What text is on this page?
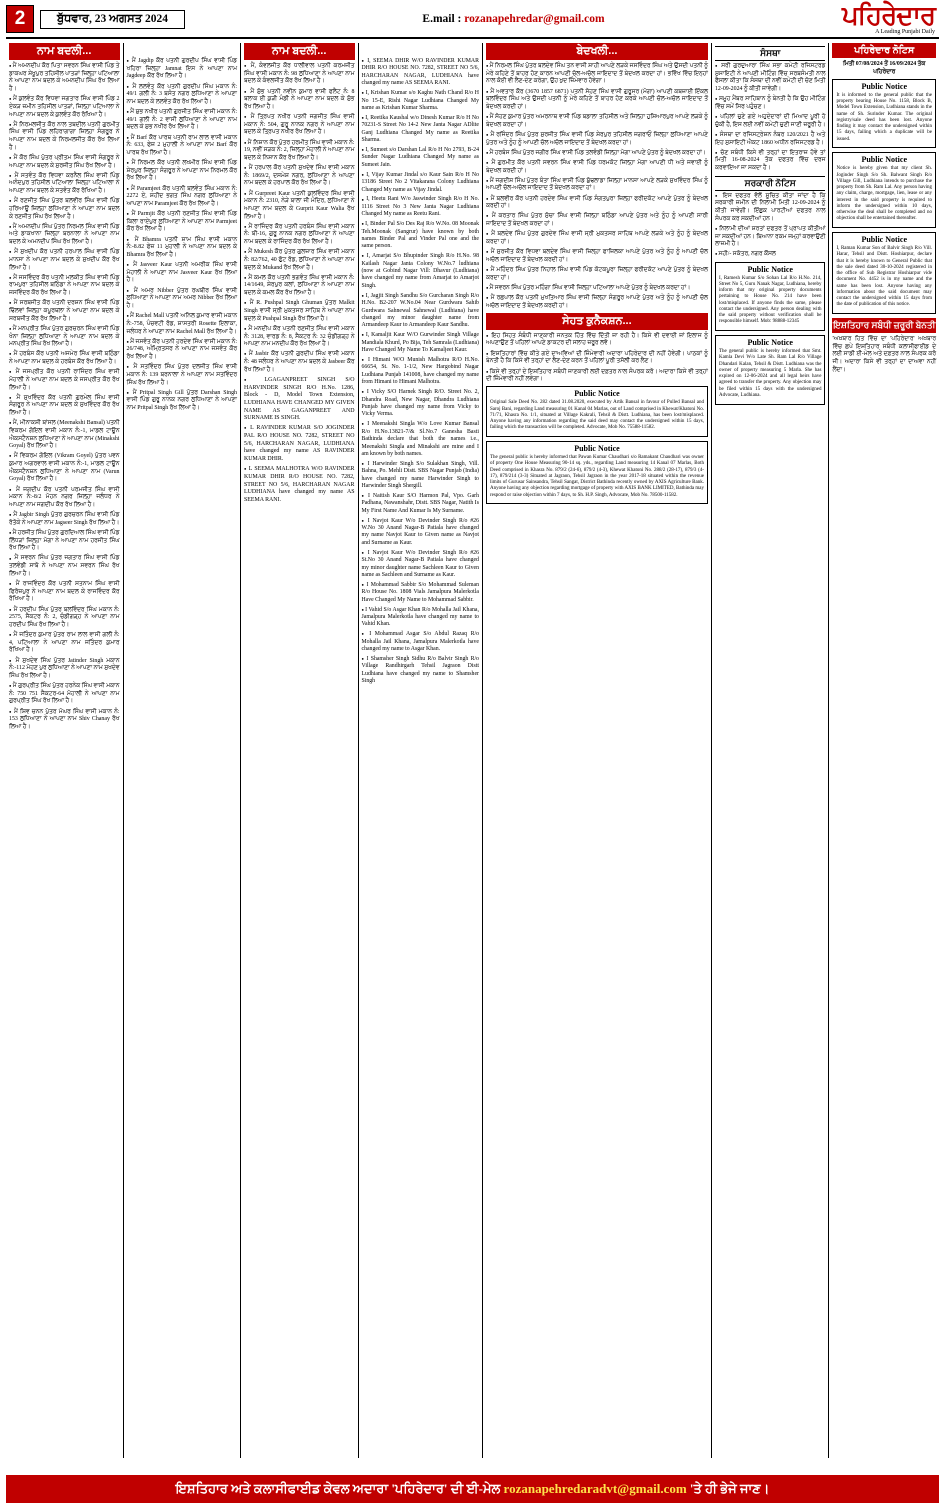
2	ਬੁੱਧਵਾਰ, 23 ਅਗਸਤ 2024	E.mail : rozanapehredar@gmail.com	ਪਹਿਰੇਦਾਰ
A Leading Punjabi Daily
ਨਾਮ ਬਦਲੀ...

● ਮੈਂ ਅਮਨਦੀਪ ਕੌਰ ਪਿਤਾ ਸਵਰਨ ਸਿੰਘ ਵਾਸੀ ਪਿੰਡ ਤੇ ਡਾਕਘਰ ਸ਼ੇਖੂਪੁਰ ਤਹਿਸੀਲ ਪਾਤੜਾਂ ਜ਼ਿਲ੍ਹਾ ਪਟਿਆਲਾ ਨੇ ਆਪਣਾ ਨਾਮ ਬਦਲ ਕੇ ਅਮਨਦੀਪ ਸਿੰਘ ਰੱਖ ਲਿਆ ਹੈ।

● ਮੈਂ ਕੁਲਵੰਤ ਕੌਰ ਵਿਧਵਾ ਜਗਤਾਰ ਸਿੰਘ ਵਾਸੀ ਪਿੰਡ 2 ਏਕੜ ਜ਼ਮੀਨ ਤਹਿਸੀਲ ਪਾਤੜਾਂ, ਜ਼ਿਲ੍ਹਾ ਪਟਿਆਲਾ ਨੇ ਆਪਣਾ ਨਾਮ ਬਦਲ ਕੇ ਕੁਲਵੰਤ ਕੌਰ ਰੱਖਿਆ ਹੈ।

● ਮੈਂ ਨਿਰਮਲਜੀਤ ਕੌਰ ਨਾਲ ਤਬਦੀਲ ਪਤਨੀ ਗੁਰਮੀਤ ਸਿੰਘ ਵਾਸੀ ਪਿੰਡ ਲਹਿਰਾਗਾਗਾ ਜ਼ਿਲ੍ਹਾ ਸੰਗਰੂਰ ਨੇ ਆਪਣਾ ਨਾਮ ਬਦਲ ਕੇ ਨਿਰਮਲਜੀਤ ਕੌਰ ਰੱਖ ਲਿਆ ਹੈ।

● ਮੈਂ ਕੌਰ ਸਿੰਘ ਪੁੱਤਰ ਪ੍ਰੀਤਮ ਸਿੰਘ ਵਾਸੀ ਸੰਗਰੂਰ ਨੇ ਆਪਣਾ ਨਾਮ ਬਦਲ ਕੇ ਸੁਰਜੀਤ ਸਿੰਘ ਰੱਖ ਲਿਆ ਹੈ।

● ਮੈਂ ਸਤਵੰਤ ਕੌਰ ਵਿਧਵਾ ਕਰਨੈਲ ਸਿੰਘ ਵਾਸੀ ਪਿੰਡ ਅਨੰਦਪੁਰ ਤਹਿਸੀਲ ਪਟਿਆਲਾ ਜ਼ਿਲ੍ਹਾ ਪਟਿਆਲਾ ਨੇ ਆਪਣਾ ਨਾਮ ਬਦਲ ਕੇ ਸਤਵੰਤ ਕੌਰ ਰੱਖਿਆ ਹੈ।

● ਮੈਂ ਰਣਜੀਤ ਸਿੰਘ ਪੁੱਤਰ ਬਲਵੀਰ ਸਿੰਘ ਵਾਸੀ ਪਿੰਡ ਹਰਿਆਊ ਜ਼ਿਲ੍ਹਾ ਲੁਧਿਆਣਾ ਨੇ ਆਪਣਾ ਨਾਮ ਬਦਲ ਕੇ ਰਣਜੀਤ ਸਿੰਘ ਰੱਖ ਲਿਆ ਹੈ।

● ਮੈਂ ਅਮਨਦੀਪ ਸਿੰਘ ਪੁੱਤਰ ਨਿਰਮਲ ਸਿੰਘ ਵਾਸੀ ਪਿੰਡ ਅਤੇ ਡਾਕਖਾਨਾ ਜ਼ਿਲ੍ਹਾ ਬਰਨਾਲਾ ਨੇ ਆਪਣਾ ਨਾਮ ਬਦਲ ਕੇ ਅਮਨਦੀਪ ਸਿੰਘ ਰੱਖ ਲਿਆ ਹੈ।

● ਮੈਂ ਸੁਖਦੀਪ ਕੌਰ ਪਤਨੀ ਹਰਪਾਲ ਸਿੰਘ ਵਾਸੀ ਪਿੰਡ ਮਾਨਸਾ ਨੇ ਆਪਣਾ ਨਾਮ ਬਦਲ ਕੇ ਸੁਖਦੀਪ ਕੌਰ ਰੱਖ ਲਿਆ ਹੈ।

● ਮੈਂ ਜਸਵਿੰਦਰ ਕੌਰ ਪਤਨੀ ਮਲਕੀਤ ਸਿੰਘ ਵਾਸੀ ਪਿੰਡ ਰਾਮਪੁਰਾ ਤਹਿਸੀਲ ਬਠਿੰਡਾ ਨੇ ਆਪਣਾ ਨਾਮ ਬਦਲ ਕੇ ਜਸਵਿੰਦਰ ਕੌਰ ਰੱਖ ਲਿਆ ਹੈ।

● ਮੈਂ ਸਰਬਜੀਤ ਕੌਰ ਪਤਨੀ ਦਰਸ਼ਨ ਸਿੰਘ ਵਾਸੀ ਪਿੰਡ ਢਿੱਲਵਾਂ ਜ਼ਿਲ੍ਹਾ ਕਪੂਰਥਲਾ ਨੇ ਆਪਣਾ ਨਾਮ ਬਦਲ ਕੇ ਸਰਬਜੀਤ ਕੌਰ ਰੱਖ ਲਿਆ ਹੈ।

● ਮੈਂ ਮਨਪ੍ਰੀਤ ਸਿੰਘ ਪੁੱਤਰ ਗੁਰਚਰਨ ਸਿੰਘ ਵਾਸੀ ਪਿੰਡ ਖੰਨਾ ਜ਼ਿਲ੍ਹਾ ਲੁਧਿਆਣਾ ਨੇ ਆਪਣਾ ਨਾਮ ਬਦਲ ਕੇ ਮਨਪ੍ਰੀਤ ਸਿੰਘ ਰੱਖ ਲਿਆ ਹੈ।

● ਮੈਂ ਹਰਬੰਸ ਕੌਰ ਪਤਨੀ ਅਜਮੇਰ ਸਿੰਘ ਵਾਸੀ ਬਠਿੰਡਾ ਨੇ ਆਪਣਾ ਨਾਮ ਬਦਲ ਕੇ ਹਰਬੰਸ ਕੌਰ ਰੱਖ ਲਿਆ ਹੈ।

● ਮੈਂ ਜਸਪ੍ਰੀਤ ਕੌਰ ਪਤਨੀ ਰਾਜਿੰਦਰ ਸਿੰਘ ਵਾਸੀ ਮੋਹਾਲੀ ਨੇ ਆਪਣਾ ਨਾਮ ਬਦਲ ਕੇ ਜਸਪ੍ਰੀਤ ਕੌਰ ਰੱਖ ਲਿਆ ਹੈ।

● ਮੈਂ ਸੁਖਵਿੰਦਰ ਕੌਰ ਪਤਨੀ ਗੁਰਮੇਲ ਸਿੰਘ ਵਾਸੀ ਸੰਗਰੂਰ ਨੇ ਆਪਣਾ ਨਾਮ ਬਦਲ ਕੇ ਸੁਖਵਿੰਦਰ ਕੌਰ ਰੱਖ ਲਿਆ ਹੈ।

● ਮੈਂ, ਮੀਨਾਕਸ਼ੀ ਬਾਂਸਲ (Meenakshi Bansal) ਪਤਨੀ ਵਿਕਰਮ ਗੋਇਲ ਵਾਸੀ ਮਕਾਨ ਨੰ:-1, ਮਾਡਲ ਟਾਊਨ ਐਕਸਟੈਨਸ਼ਨ ਲੁਧਿਆਣਾ ਨੇ ਆਪਣਾ ਨਾਮ (Minakshi Goyal) ਰੱਖ ਲਿਆ ਹੈ।

● ਮੈਂ ਵਿਕਰਮ ਗੋਇਲ (Vikram Goyel) ਪੁੱਤਰ ਪਵਨ ਕੁਮਾਰ ਅਗਰਵਾਲ ਵਾਸੀ ਮਕਾਨ ਨੰ:-1, ਮਾਡਲ ਟਾਊਨ ਐਕਸਟੈਨਸ਼ਨ ਲੁਧਿਆਣਾ ਨੇ ਆਪਣਾ ਨਾਮ (Varun Goyal) ਰੱਖ ਲਿਆ ਹੈ।

● ਮੈਂ ਜਗਦੀਪ ਕੌਰ ਪਤਨੀ ਪਰਮਜੀਤ ਸਿੰਘ ਵਾਸੀ ਮਕਾਨ ਨੰ:-8/2 ਮੋਹਨ ਨਗਰ ਜ਼ਿਲ੍ਹਾ ਜਲੰਧਰ ਨੇ ਆਪਣਾ ਨਾਮ ਜਗਦੀਪ ਕੌਰ ਰੱਖ ਲਿਆ ਹੈ।

● ਮੈਂ Jagbir Singh ਪੁੱਤਰ ਗੁਰਚਰਨ ਸਿੰਘ ਵਾਸੀ ਪਿੰਡ ਰੱਤੋਕੇ ਨੇ ਆਪਣਾ ਨਾਮ Jagseer Singh ਰੱਖ ਲਿਆ ਹੈ।

● ਮੈਂ ਹਰਜੀਤ ਸਿੰਘ ਪੁੱਤਰ ਗੁਰਦਿਆਲ ਸਿੰਘ ਵਾਸੀ ਪਿੰਡ ਲਿੱਧੜਾਂ ਜ਼ਿਲ੍ਹਾ ਮੋਗਾ ਨੇ ਆਪਣਾ ਨਾਮ ਹਰਜੀਤ ਸਿੰਘ ਰੱਖ ਲਿਆ ਹੈ।

● ਮੈਂ ਸਵਰਨ ਸਿੰਘ ਪੁੱਤਰ ਜਗਤਾਰ ਸਿੰਘ ਵਾਸੀ ਪਿੰਡ ਤਲਵੰਡੀ ਸਾਬੋ ਨੇ ਆਪਣਾ ਨਾਮ ਸਵਰਨ ਸਿੰਘ ਰੱਖ ਲਿਆ ਹੈ।

● ਮੈਂ ਰਾਜਵਿੰਦਰ ਕੌਰ ਪਤਨੀ ਸਤਨਾਮ ਸਿੰਘ ਵਾਸੀ ਫਿਰੋਜ਼ਪੁਰ ਨੇ ਆਪਣਾ ਨਾਮ ਬਦਲ ਕੇ ਰਾਜਵਿੰਦਰ ਕੌਰ ਰੱਖਿਆ ਹੈ।

● ਮੈਂ ਹਰਦੀਪ ਸਿੰਘ ਪੁੱਤਰ ਬਲਵਿੰਦਰ ਸਿੰਘ ਮਕਾਨ ਨੰ: 2575, ਸੈਕਟਰ ਨੰ: 2, ਚੰਡੀਗੜ੍ਹ ਨੇ ਆਪਣਾ ਨਾਮ ਹਰਦੀਪ ਸਿੰਘ ਰੱਖ ਲਿਆ ਹੈ।

● ਮੈਂ ਜਤਿੰਦਰ ਕੁਮਾਰ ਪੁੱਤਰ ਰਾਮ ਲਾਲ ਵਾਸੀ ਗਲੀ ਨੰ: 4, ਪਟਿਆਲਾ ਨੇ ਆਪਣਾ ਨਾਮ ਜਤਿੰਦਰ ਕੁਮਾਰ ਰੱਖਿਆ ਹੈ।

● ਮੈਂ ਸੁਖਦੇਵ ਸਿੰਘ ਪੁੱਤਰ Jatinder Singh ਮਕਾਨ ਨੰ:-112 ਮੋਹਣ ਪੁਰ ਲੁਧਿਆਣਾ ਨੇ ਆਪਣਾ ਨਾਮ ਸੁਖਦੇਵ ਸਿੰਘ ਰੱਖ ਲਿਆ ਹੈ।

● ਮੈਂ ਗੁਰਪ੍ਰੀਤ ਸਿੰਘ ਪੁੱਤਰ ਹਰਨੇਕ ਸਿੰਘ ਵਾਸੀ ਮਕਾਨ ਨੰ: 750 751 ਸੈਕਟਰ-64 ਮੋਹਾਲੀ ਨੇ ਆਪਣਾ ਨਾਮ ਗੁਰਪ੍ਰੀਤ ਸਿੰਘ ਰੱਖ ਲਿਆ ਹੈ।

● ਮੈਂ ਸ਼ਿਵ ਚਨਨ ਪੁੱਤਰ ਮੱਘਰ ਸਿੰਘ ਵਾਸੀ ਮਕਾਨ ਨੰ: 153 ਲੁਧਿਆਣਾ ਨੇ ਆਪਣਾ ਨਾਮ Shiv Chanay ਰੱਖ ਲਿਆ ਹੈ।

● ਮੈਂ Jagdip ਕੌਰ ਪਤਨੀ ਗੁਰਦੀਪ ਸਿੰਘ ਵਾਸੀ ਪਿੰਡ ਖਹਿਰਾ ਜ਼ਿਲ੍ਹਾ Jamnat ਇਸ ਨੇ ਆਪਣਾ ਨਾਮ Jagdeep ਕੌਰ ਰੱਖ ਲਿਆ ਹੈ।

● ਮੈਂ ਲਲਵੰਤ ਕੌਰ ਪਤਨੀ ਗੁਰਦੀਪ ਸਿੰਘ ਮਕਾਨ ਨੰ: 49/1 ਗਲੀ ਨੰ: 3 ਬਸੰਤ ਨਗਰ ਲੁਧਿਆਣਾ ਨੇ ਆਪਣਾ ਨਾਮ ਬਦਲ ਕੇ ਲਲਵੰਤ ਕੌਰ ਰੱਖ ਲਿਆ ਹੈ।

● ਮੈਂ ਸ਼ੁਭ ਨਖੀਰ ਪਤਨੀ ਗੁਰਜੀਤ ਸਿੰਘ ਵਾਸੀ ਮਕਾਨ ਨੰ: 49/1 ਗਲੀ ਨੰ: 2 ਵਾਸੀ ਲੁਧਿਆਣਾ ਨੇ ਆਪਣਾ ਨਾਮ ਬਦਲ ਕੇ ਸ਼ੁਭ ਨਖੀਰ ਰੱਖ ਲਿਆ ਹੈ।

● ਮੈਂ Barf ਕੌਰ ਪਾਰਥ ਪਤਨੀ ਰਾਮ ਲਾਲ ਵਾਸੀ ਮਕਾਨ ਨੰ: 633, ਫੇਜ਼ 2 ਮੁਹਾਲੀ ਨੇ ਆਪਣਾ ਨਾਮ Barf ਕੌਰ ਪਾਰਥ ਰੱਖ ਲਿਆ ਹੈ।

● ਮੈਂ ਨਿਰਮਲ ਕੌਰ ਪਤਨੀ ਲਖਮੀਰ ਸਿੰਘ ਵਾਸੀ ਪਿੰਡ ਸ਼ੇਰਪੁਰ ਜ਼ਿਲ੍ਹਾ ਸੰਗਰੂਰ ਨੇ ਆਪਣਾ ਨਾਮ ਨਿਰਮਲ ਕੌਰ ਰੱਖ ਲਿਆ ਹੈ।

● ਮੈਂ Paramjeet ਕੌਰ ਪਤਨੀ ਬਲਵੰਤ ਸਿੰਘ ਮਕਾਨ ਨੰ: 2272 ਏ, ਸ਼ਹੀਦ ਭਗਤ ਸਿੰਘ ਨਗਰ ਲੁਧਿਆਣਾ ਨੇ ਆਪਣਾ ਨਾਮ Paramjeet ਕੌਰ ਰੱਖ ਲਿਆ ਹੈ।

● ਮੈਂ Parmjit ਕੌਰ ਪਤਨੀ ਰਣਜੀਤ ਸਿੰਘ ਵਾਸੀ ਪਿੰਡ ਕਿਲਾ ਰਾਏਪੁਰ ਲੁਧਿਆਣਾ ਨੇ ਆਪਣਾ ਨਾਮ Parmjeet ਕੌਰ ਰੱਖ ਲਿਆ ਹੈ।

● ਮੈਂ Bhamra ਪਤਨੀ ਸ਼ਾਮ ਸਿੰਘ ਵਾਸੀ ਮਕਾਨ ਨੰ:-8.82 ਫੇਜ਼ 11 ਮੁਹਾਲੀ ਨੇ ਆਪਣਾ ਨਾਮ ਬਦਲ ਕੇ Bhamra ਰੱਖ ਲਿਆ ਹੈ।

● ਮੈਂ Jasveer Kaur ਪਤਨੀ ਅਮਰੀਕ ਸਿੰਘ ਵਾਸੀ ਮੋਹਾਲੀ ਨੇ ਆਪਣਾ ਨਾਮ Jasveer Kaur ਰੱਖ ਲਿਆ ਹੈ।

● ਮੈਂ ਅਮਰ Nibber ਪੁੱਤਰ ਰਘਬੀਰ ਸਿੰਘ ਵਾਸੀ ਲੁਧਿਆਣਾ ਨੇ ਆਪਣਾ ਨਾਮ ਅਮਰ Nibber ਰੱਖ ਲਿਆ ਹੈ।

● ਮੈਂ Rachel Mall ਪਤਨੀ ਅਨਿਲ ਕੁਮਾਰ ਵਾਸੀ ਮਕਾਨ ਨੰ:-758, ਪੰਚਵਟੀ ਰੋਡ, ਸ਼ਾਸਤਰੀ Rosette ਇਲਾਕਾ, ਜਲੰਧਰ ਨੇ ਆਪਣਾ ਨਾਮ Rachel Mall ਰੱਖ ਲਿਆ ਹੈ।

● ਮੈਂ ਜਸਵੰਤ ਕੌਰ ਪਤਨੀ ਹਰਦੇਵ ਸਿੰਘ ਵਾਸੀ ਮਕਾਨ ਨੰ: 26/748, ਅੰਮ੍ਰਿਤਸਰ ਨੇ ਆਪਣਾ ਨਾਮ ਜਸਵੰਤ ਕੌਰ ਰੱਖ ਲਿਆ ਹੈ।

● ਮੈਂ ਸਤਵਿੰਦਰ ਸਿੰਘ ਪੁੱਤਰ ਦਲਜੀਤ ਸਿੰਘ ਵਾਸੀ ਮਕਾਨ ਨੰ: 139 ਬਰਨਾਲਾ ਨੇ ਆਪਣਾ ਨਾਮ ਸਤਵਿੰਦਰ ਸਿੰਘ ਰੱਖ ਲਿਆ ਹੈ।

● ਮੈਂ Pritpal Singh Gill ਪੁੱਤਰ Darshan Singh ਵਾਸੀ ਪਿੰਡ ਗੁਰੂ ਨਾਨਕ ਨਗਰ ਲੁਧਿਆਣਾ ਨੇ ਆਪਣਾ ਨਾਮ Pritpal Singh ਰੱਖ ਲਿਆ ਹੈ।

ਨਾਮ ਬਦਲੀ...

● ਮੈਂ, ਕੰਵਲਜੀਤ ਕੌਰ ਧਾਲੀਵਾਲ ਪਤਨੀ ਕਰਮਜੀਤ ਸਿੰਘ ਵਾਸੀ ਮਕਾਨ ਨੰ: 98 ਲੁਧਿਆਣਾ ਨੇ ਆਪਣਾ ਨਾਮ ਬਦਲ ਕੇ ਕੰਵਲਜੀਤ ਕੌਰ ਰੱਖ ਲਿਆ ਹੈ।

● ਮੈਂ ਸ਼ੁੱਭ ਪਤਨੀ ਨਵੀਨ ਕੁਮਾਰ ਵਾਸੀ ਫਲੈਟ ਨੰ: 8 ਬਲਾਕ ਈ ਕੁੜੀ ਮੰਡੀ ਨੇ ਆਪਣਾ ਨਾਮ ਬਦਲ ਕੇ ਸ਼ੁੱਭ ਰੱਖ ਲਿਆ ਹੈ।

● ਮੈਂ ਤ੍ਰਿਪਤ ਨਖੀਰ ਪਤਨੀ ਜਗਜੀਤ ਸਿੰਘ ਵਾਸੀ ਮਕਾਨ ਨੰ: 504, ਗੁਰੂ ਨਾਨਕ ਨਗਰ ਨੇ ਆਪਣਾ ਨਾਮ ਬਦਲ ਕੇ ਤ੍ਰਿਪਤ ਨਖੀਰ ਰੱਖ ਲਿਆ ਹੈ।

● ਮੈਂ ਨਿਸ਼ਾਨ ਕੌਰ ਪੁੱਤਰ ਹਰਮੀਤ ਸਿੰਘ ਵਾਸੀ ਮਕਾਨ ਨੰ: 19, ਨਵੀਂ ਸੜਕ ਨੰ: 2, ਜ਼ਿਲ੍ਹਾ ਮੋਹਾਲੀ ਨੇ ਆਪਣਾ ਨਾਮ ਬਦਲ ਕੇ ਨਿਸ਼ਾਨ ਕੌਰ ਰੱਖ ਲਿਆ ਹੈ।

● ਮੈਂ ਹਰਪਾਲ ਕੌਰ ਪਤਨੀ ਸੁਖਦੇਵ ਸਿੰਘ ਵਾਸੀ ਮਕਾਨ ਨੰ: 1869/2, ਦਸਮੇਸ਼ ਨਗਰ, ਲੁਧਿਆਣਾ ਨੇ ਆਪਣਾ ਨਾਮ ਬਦਲ ਕੇ ਹਰਪਾਲ ਕੌਰ ਰੱਖ ਲਿਆ ਹੈ।

● ਮੈਂ Gurpreet Kaur ਪਤਨੀ ਕੁਲਵਿੰਦਰ ਸਿੰਘ ਵਾਸੀ ਮਕਾਨ ਨੰ: 2310, ਨੇੜੇ ਬਾਲਾ ਜੀ ਮੰਦਿਰ, ਲੁਧਿਆਣਾ ਨੇ ਆਪਣਾ ਨਾਮ ਬਦਲ ਕੇ Gurprit Kaur Walia ਰੱਖ ਲਿਆ ਹੈ।

● ਮੈਂ ਰਾਜਿੰਦਰ ਕੌਰ ਪਤਨੀ ਹਰਬੰਸ ਸਿੰਘ ਵਾਸੀ ਮਕਾਨ ਨੰ: ਬੀ-16, ਗੁਰੂ ਨਾਨਕ ਨਗਰ ਲੁਧਿਆਣਾ ਨੇ ਆਪਣਾ ਨਾਮ ਬਦਲ ਕੇ ਰਾਜਿੰਦਰ ਕੌਰ ਰੱਖ ਲਿਆ ਹੈ।

● ਮੈਂ Mukesh ਕੌਰ ਪੁੱਤਰ ਗੁਲਜ਼ਾਰ ਸਿੰਘ ਵਾਸੀ ਮਕਾਨ ਨੰ: 82/762, 40 ਫੁੱਟ ਰੋਡ, ਲੁਧਿਆਣਾ ਨੇ ਆਪਣਾ ਨਾਮ ਬਦਲ ਕੇ Mukand ਰੱਖ ਲਿਆ ਹੈ।

● ਮੈਂ ਕਮਲ ਕੌਰ ਪਤਨੀ ਭਗਵੰਤ ਸਿੰਘ ਵਾਸੀ ਮਕਾਨ ਨੰ: 14/1649, ਸ਼ੇਰਪੁਰ ਕਲਾਂ, ਲੁਧਿਆਣਾ ਨੇ ਆਪਣਾ ਨਾਮ ਬਦਲ ਕੇ ਕਮਲ ਕੌਰ ਰੱਖ ਲਿਆ ਹੈ।

● ਮੈਂ R. Pushpal Singh Ghuman ਪੁੱਤਰ Malkit Singh ਵਾਸੀ ਸ੍ਰੀ ਮੁਕਤਸਰ ਸਾਹਿਬ ਨੇ ਆਪਣਾ ਨਾਮ ਬਦਲ ਕੇ Pushpal Singh ਰੱਖ ਲਿਆ ਹੈ।

● ਮੈਂ ਮਨਦੀਪ ਕੌਰ ਪਤਨੀ ਰਣਜੀਤ ਸਿੰਘ ਵਾਸੀ ਮਕਾਨ ਨੰ: 3128, ਵਾਰਡ ਨੰ: 8, ਸੈਕਟਰ ਨੰ: 32 ਚੰਡੀਗੜ੍ਹ ਨੇ ਆਪਣਾ ਨਾਮ ਮਨਦੀਪ ਕੌਰ ਰੱਖ ਲਿਆ ਹੈ।

● ਮੈਂ Jasbir ਕੌਰ ਪਤਨੀ ਗੁਰਦੀਪ ਸਿੰਘ ਵਾਸੀ ਮਕਾਨ ਨੰ: 48 ਜਲੰਧਰ ਨੇ ਆਪਣਾ ਨਾਮ ਬਦਲ ਕੇ Jasbeer ਕੌਰ ਰੱਖ ਲਿਆ ਹੈ।

● LGAGANPREET SINGH S/O HARVINDER SINGH R/O H.No. 1286, Block - D, Model Town Extension, LUDHIANA HAVE CHANGED MY GIVEN NAME AS GAGANPREET AND SURNAME IS SINGH.

● L RAVINDER KUMAR S/O JOGINDER PAL R/O HOUSE NO. 7282, STREET NO 5/6, HARCHARAN NAGAR, LUDHIANA have changed my name AS RAVINDER KUMAR DHIR.

● L SEEMA MALHOTRA W/O RAVINDER KUMAR DHIR R/O HOUSE NO. 7282, STREET NO 5/6, HARCHARAN NAGAR LUDHIANA have changed my name AS SEEMA RANI.

● I, SEEMA DHIR W/O RAVINDER KUMAR DHIR R/O HOUSE NO. 7282, STREET NO 5/6, HARCHARAN NAGAR, LUDHIANA have changed my name AS SEEMA RANI.

● I, Krishan Kumar s/o Kaghu Nath Chand R/o H No 15-E, Rishi Nagar Ludhiana Changed My name as Krishan Kumar Sharma.

● I, Reetika Kaushal w/o Dinesh Kumar R/o H No 70231-S Street No 14-2 New Janta Nagar ADlite Ganj Ludhiana Changed My name as Reetika Sharma.

● I, Sumeet s/o Darshan Lal R/o H No 2793, B-24 Sunder Nagar Ludhiana Changed My name as Sumeet Jain.

● I, Vijay Kumar Jindal s/o Kaur Sain R/o H No 13186 Street No 2 Vitakarana Colony Ludhiana Changed My name as Vijay Jindal.

● I, Heetu Rani W/o Jaswinder Singh R/o H No. 1116 Street No 3 New Janta Nagar Ludhiana Changed My name as Reetu Rani.

● I, Binder Pal S/o Des Raj R/o W.No. 08 Moonak Teh.Moonak (Sangrur) have known by both names Binder Pal and Vinder Pal one and the same person.

● I, Amarjat S/o Bhupinder Singh R/o H.No. 98 Kailash Nagar Janta Colony W.No.7 ludhiana (now at Gobind Nagar Vill: Dhavur (Ludhiana) have changed my name from Amarjat to Amarjot Singh.

● I, Jagjit Singh Sandhu S/o Gurcharan Singh R/o H.No. B2-207 W.No.04 Near Gurdwara Sahib Gurdwara Sahnewal Sahnewal (Ludhiana) have changed my minor daughter name from Armandeep Kaur to Armandeep Kaur Sandhu.

● I, Kamaljit Kaur W/O Gurwinder Singh Village Mandiala Khurd, Po Bija, Teh Samrala (Ludhiana) Have Changed My Name To Kamaljeet Kaur.

● I Himani W/O Munish Malhotra R/O H.No. 66654, St. No. 1-1/2, New Hargobind Nagar Ludhiana Punjab 141008, have changed my name from Himani to Himani Malhotra.

● I Vicky S/O Harnek Singh R/O. Street No. 2, Dhandra Road, New Nagar, Dhandra Ludhiana Punjab have changed my name from Vicky to Vicky Verma.

● I Meenakshi Singla W/o Love Kumar Bansal R/o H.No.13821-7/& Sl.No.7 Ganesha Basti Bathinda declare that both the names i.e., Meenakshi Singla and Minakshi are mine and I am known by both names.

● I Harwinder Singh S/o Sulakhan Singh, Vill. Bahna, Po. Mehli Distt. SBS Nagar Punjab (India) have changed my name Harwinder Singh to Harwinder Singh Shergill.

● I Naitish Kaur S/O Harmon Pal, Vpo. Garh Padhana, Nawanshahr, Distt. SBS Nagar, Natith Is My First Name And Kumar Is My Surname.

● I Navjot Kaur W/o Devinder Singh R/o #26 W.No 30 Anand Nagar-B Patiala have changed my name Navjot Kaur to Given name as Navjot and Surname as Kaur.

● I Navjot Kaur W/o Devinder Singh R/o #26 St.No 30 Anand Nagar-B Patiala have changed my minor daughter name Sachleen Kaur to Given name as Sachleen and Surname as Kaur.

● I Mohammad Sabbir S/o Mohammad Suleman R/o House No. 1808 Vials Jamalpura Malerkotla Have Changed My Name to Mohammad Sabbir.

● I Vahid S/o Asgar Khan R/o Mohalla Jail Khana, Jamalpura Malerkotla have changed my name to Vahid Khan.

● I Mohammad Asgar S/o Abdul Razaq R/o Mohalla Jail Khana, Jamalpura Malerkotla have changed my name to Asgar Khan.

● I Shamsher Singh Sidhu R/o Balvir Singh R/o Village Randhirgarh Tehsil Jagraon Distt Ludhiana have changed my name to Shamsher Singh

ਬੇਦਖਲੀ...

● ਮੈਂ ਨਿਰਮਲ ਸਿੰਘ ਪੁੱਤਰ ਬਲਦੇਵ ਸਿੰਘ ਤਨ ਵਾਸੀ ਸ਼ਾਹੀ ਆਪਣੇ ਲੜਕੇ ਜਸਵਿੰਦਰ ਸਿੰਘ ਅਤੇ ਉਸਦੀ ਪਤਨੀ ਨੂੰ ਮੇਰੇ ਕਹਿਣੇ ਤੋਂ ਬਾਹਰ ਹੋਣ ਕਾਰਨ ਆਪਣੀ ਚੱਲ-ਅਚੱਲ ਜਾਇਦਾਦ ਤੋਂ ਬੇਦਖਲ ਕਰਦਾ ਹਾਂ। ਭਵਿੱਖ ਵਿੱਚ ਇਨ੍ਹਾਂ ਨਾਲ ਕੋਈ ਵੀ ਲੈਣ-ਦੇਣ ਕਰੇਗਾ, ਉਹ ਖੁਦ ਜ਼ਿੰਮੇਵਾਰ ਹੋਵੇਗਾ।

● ਮੈਂ ਅਵਤਾਰ ਕੌਰ (3670 1857 6871) ਪਤਨੀ ਸੋਹਣ ਸਿੰਘ ਵਾਸੀ ਗੁਰੂਸਰ (ਮੋਗਾ) ਆਪਣੀ ਕਬਜ਼ਾਈ ਇੱਕਲ ਬਲਵਿੰਦਰ ਸਿੰਘ ਅਤੇ ਉਸਦੀ ਪਤਨੀ ਨੂੰ ਮੇਰੇ ਕਹਿਣੇ ਤੋਂ ਬਾਹਰ ਹੋਣ ਕਰਕੇ ਆਪਣੀ ਚੱਲ-ਅਚੱਲ ਜਾਇਦਾਦ ਤੋਂ ਬੇਦਖਲ ਕਰਦੀ ਹਾਂ।

● ਮੈਂ ਸੋਹਣ ਕੁਮਾਰ ਪੁੱਤਰ ਅਮਰਨਾਥ ਵਾਸੀ ਪਿੰਡ ਬਡਾਲਾ ਤਹਿਸੀਲ ਅਤੇ ਜ਼ਿਲ੍ਹਾ ਹੁਸ਼ਿਆਰਪੁਰ ਆਪਣੇ ਲੜਕੇ ਨੂੰ ਬੇਦਖਲ ਕਰਦਾ ਹਾਂ।

● ਮੈਂ ਰਜਿੰਦਰ ਸਿੰਘ ਪੁੱਤਰ ਸੁਰਜੀਤ ਸਿੰਘ ਵਾਸੀ ਪਿੰਡ ਸ਼ੇਰਪੁਰ ਤਹਿਸੀਲ ਜਗਰਾਓਂ ਜ਼ਿਲ੍ਹਾ ਲੁਧਿਆਣਾ ਆਪਣੇ ਪੁੱਤਰ ਅਤੇ ਨੂੰਹ ਨੂੰ ਆਪਣੀ ਚੱਲ ਅਚੱਲ ਜਾਇਦਾਦ ਤੋਂ ਬੇਦਖਲ ਕਰਦਾ ਹਾਂ।

● ਮੈਂ ਹਰਬੰਸ ਸਿੰਘ ਪੁੱਤਰ ਜਗੀਰ ਸਿੰਘ ਵਾਸੀ ਪਿੰਡ ਤਲਵੰਡੀ ਜ਼ਿਲ੍ਹਾ ਮੋਗਾ ਆਪਣੇ ਪੁੱਤਰ ਨੂੰ ਬੇਦਖਲ ਕਰਦਾ ਹਾਂ।

● ਮੈਂ ਗੁਰਮੀਤ ਕੌਰ ਪਤਨੀ ਸਵਰਨ ਸਿੰਘ ਵਾਸੀ ਪਿੰਡ ਧਰਮਕੋਟ ਜ਼ਿਲ੍ਹਾ ਮੋਗਾ ਆਪਣੀ ਧੀ ਅਤੇ ਜਵਾਈ ਨੂੰ ਬੇਦਖਲ ਕਰਦੀ ਹਾਂ।

● ਮੈਂ ਜਗਦੀਸ਼ ਸਿੰਘ ਪੁੱਤਰ ਬੰਤਾ ਸਿੰਘ ਵਾਸੀ ਪਿੰਡ ਬੁੱਢਲਾਡਾ ਜ਼ਿਲ੍ਹਾ ਮਾਨਸਾ ਆਪਣੇ ਲੜਕੇ ਸੁਖਵਿੰਦਰ ਸਿੰਘ ਨੂੰ ਆਪਣੀ ਚੱਲ-ਅਚੱਲ ਜਾਇਦਾਦ ਤੋਂ ਬੇਦਖਲ ਕਰਦਾ ਹਾਂ।

● ਮੈਂ ਬਲਵੀਰ ਕੌਰ ਪਤਨੀ ਹਰਦੇਵ ਸਿੰਘ ਵਾਸੀ ਪਿੰਡ ਸੰਗਤਪੁਰਾ ਜ਼ਿਲ੍ਹਾ ਫਰੀਦਕੋਟ ਆਪਣੇ ਪੁੱਤਰ ਨੂੰ ਬੇਦਖਲ ਕਰਦੀ ਹਾਂ।

● ਮੈਂ ਕਰਤਾਰ ਸਿੰਘ ਪੁੱਤਰ ਸੁੱਚਾ ਸਿੰਘ ਵਾਸੀ ਜ਼ਿਲ੍ਹਾ ਬਠਿੰਡਾ ਆਪਣੇ ਪੁੱਤਰ ਅਤੇ ਨੂੰਹ ਨੂੰ ਆਪਣੀ ਸਾਰੀ ਜਾਇਦਾਦ ਤੋਂ ਬੇਦਖਲ ਕਰਦਾ ਹਾਂ।

● ਮੈਂ ਬਲਦੇਵ ਸਿੰਘ ਪੁੱਤਰ ਗੁਰਦੇਵ ਸਿੰਘ ਵਾਸੀ ਸ੍ਰੀ ਮੁਕਤਸਰ ਸਾਹਿਬ ਆਪਣੇ ਲੜਕੇ ਅਤੇ ਨੂੰਹ ਨੂੰ ਬੇਦਖਲ ਕਰਦਾ ਹਾਂ।

● ਮੈਂ ਸੁਰਜੀਤ ਕੌਰ ਵਿਧਵਾ ਬਲਦੇਵ ਸਿੰਘ ਵਾਸੀ ਜ਼ਿਲ੍ਹਾ ਫਾਜ਼ਿਲਕਾ ਆਪਣੇ ਪੁੱਤਰ ਅਤੇ ਨੂੰਹ ਨੂੰ ਆਪਣੀ ਚੱਲ ਅਚੱਲ ਜਾਇਦਾਦ ਤੋਂ ਬੇਦਖਲ ਕਰਦੀ ਹਾਂ।

● ਮੈਂ ਮਹਿੰਦਰ ਸਿੰਘ ਪੁੱਤਰ ਨਿਹਾਲ ਸਿੰਘ ਵਾਸੀ ਪਿੰਡ ਕੋਟਕਪੂਰਾ ਜ਼ਿਲ੍ਹਾ ਫਰੀਦਕੋਟ ਆਪਣੇ ਪੁੱਤਰ ਨੂੰ ਬੇਦਖਲ ਕਰਦਾ ਹਾਂ।

● ਮੈਂ ਸਵਰਨ ਸਿੰਘ ਪੁੱਤਰ ਮਹਿੰਗਾ ਸਿੰਘ ਵਾਸੀ ਜ਼ਿਲ੍ਹਾ ਪਟਿਆਲਾ ਆਪਣੇ ਪੁੱਤਰ ਨੂੰ ਬੇਦਖਲ ਕਰਦਾ ਹਾਂ।

● ਮੈਂ ਰਛਪਾਲ ਕੌਰ ਪਤਨੀ ਮੁਖਤਿਆਰ ਸਿੰਘ ਵਾਸੀ ਜ਼ਿਲ੍ਹਾ ਸੰਗਰੂਰ ਆਪਣੇ ਪੁੱਤਰ ਅਤੇ ਨੂੰਹ ਨੂੰ ਆਪਣੀ ਚੱਲ ਅਚੱਲ ਜਾਇਦਾਦ ਤੋਂ ਬੇਦਖਲ ਕਰਦੀ ਹਾਂ।

ਸੇਹਤ ਕੁਨੈਕਸ਼ਨ...

● ਇਹ ਸਿਹਤ ਸੰਬੰਧੀ ਜਾਣਕਾਰੀ ਜਨਤਕ ਹਿੱਤ ਵਿੱਚ ਦਿੱਤੀ ਜਾ ਰਹੀ ਹੈ। ਕਿਸੇ ਵੀ ਦਵਾਈ ਜਾਂ ਇਲਾਜ ਨੂੰ ਅਪਣਾਉਣ ਤੋਂ ਪਹਿਲਾਂ ਆਪਣੇ ਡਾਕਟਰ ਦੀ ਸਲਾਹ ਜ਼ਰੂਰ ਲਵੋ।

● ਇਸ਼ਤਿਹਾਰਾਂ ਵਿੱਚ ਕੀਤੇ ਗਏ ਦਾਅਵਿਆਂ ਦੀ ਜ਼ਿੰਮੇਵਾਰੀ ਅਦਾਰਾ ਪਹਿਰੇਦਾਰ ਦੀ ਨਹੀਂ ਹੋਵੇਗੀ। ਪਾਠਕਾਂ ਨੂੰ ਬੇਨਤੀ ਹੈ ਕਿ ਕਿਸੇ ਵੀ ਤਰ੍ਹਾਂ ਦਾ ਲੈਣ-ਦੇਣ ਕਰਨ ਤੋਂ ਪਹਿਲਾਂ ਪੂਰੀ ਤਸੱਲੀ ਕਰ ਲੈਣ।

● ਕਿਸੇ ਵੀ ਤਰ੍ਹਾਂ ਦੇ ਇਸ਼ਤਿਹਾਰ ਸਬੰਧੀ ਜਾਣਕਾਰੀ ਲਈ ਦਫ਼ਤਰ ਨਾਲ ਸੰਪਰਕ ਕਰੋ। ਅਦਾਰਾ ਕਿਸੇ ਵੀ ਤਰ੍ਹਾਂ ਦੀ ਜ਼ਿੰਮੇਵਾਰੀ ਨਹੀਂ ਲਵੇਗਾ।

Public Notice

Original Sale Deed No. 282 dated 31.08.2020, executed by Artik Bansal in favour of Pulled Bansal and Saroj Bani, regarding Land measuring 01 Kanal 04 Marlas, out of Land comprised in Khewat/Khatoni No. 71/71, Khasra No. 1/1, situated at Village Kakrali, Tehsil & Distt. Ludhiana, has been lost/misplaced. Anyone having any information regarding the said deed may contact the undersigned within 15 days, failing which the transaction will be completed. Advocate, Mob No. 75588-11582.

Public Notice

The general public is hereby informed that Pawan Kumar Chaudhari s/o Ramakant Chaudhari was owner of property One House Measuring 90-14 sq. yds., regarding Land measuring 14 Kanal 07 Marlas, Both Deed comprised in Khasra No. 879/2 (24-6), 879/2 (4-3), Khewat Khatoni No. 288/2 (28-17), 879/3 (4-17), 879/214 (3-3) Situated at Jagraon, Tehsil Jagraon in the year 2017-18 situated within the revenue limits of Gurusar Sainsandra, Tehsil Sangat, District Bathinda recently owned by AXIS Agriculture Bank. Anyone having any objection regarding mortgage of property with AXIS BANK LIMITED, Bathinda may respond or raise objection within 7 days, to Sh. H.P. Singh, Advocate, Mob No. 78500-11582.

ਸੰਸਥਾ

● ਸਰੀ ਗੁਰਦੁਆਰਾ ਸਿੰਘ ਸਭਾ ਕਮੇਟੀ ਰਜਿਸਟਰਡ ਸੁਸਾਇਟੀ ਨੇ ਆਪਣੀ ਮੀਟਿੰਗ ਵਿੱਚ ਸਰਬਸੰਮਤੀ ਨਾਲ ਫੈਸਲਾ ਕੀਤਾ ਕਿ ਸੰਸਥਾ ਦੀ ਨਵੀਂ ਕਮੇਟੀ ਦੀ ਚੋਣ ਮਿਤੀ 12-09-2024 ਨੂੰ ਕੀਤੀ ਜਾਵੇਗੀ।

● ਸਮੂਹ ਮੈਂਬਰ ਸਾਹਿਬਾਨ ਨੂੰ ਬੇਨਤੀ ਹੈ ਕਿ ਉਹ ਮੀਟਿੰਗ ਵਿੱਚ ਸਮੇਂ ਸਿਰ ਪਹੁੰਚਣ।

● ਪਹਿਲਾਂ ਚੁਣੇ ਗਏ ਅਹੁਦੇਦਾਰਾਂ ਦੀ ਮਿਆਦ ਪੂਰੀ ਹੋ ਚੁੱਕੀ ਹੈ, ਇਸ ਲਈ ਨਵੀਂ ਕਮੇਟੀ ਚੁਣੀ ਜਾਣੀ ਜ਼ਰੂਰੀ ਹੈ।

● ਸੰਸਥਾ ਦਾ ਰਜਿਸਟ੍ਰੇਸ਼ਨ ਨੰਬਰ 120/2021 ਹੈ ਅਤੇ ਇਹ ਸੁਸਾਇਟੀ ਐਕਟ 1860 ਅਧੀਨ ਰਜਿਸਟਰਡ ਹੈ।

● ਚੋਣ ਸਬੰਧੀ ਕਿਸੇ ਵੀ ਤਰ੍ਹਾਂ ਦਾ ਇਤਰਾਜ਼ ਹੋਵੇ ਤਾਂ ਮਿਤੀ 16-08-2024 ਤੱਕ ਦਫਤਰ ਵਿੱਚ ਦਰਜ ਕਰਵਾਇਆ ਜਾ ਸਕਦਾ ਹੈ।

ਸਰਕਾਰੀ ਨੋਟਿਸ

● ਇਸ ਦਫਤਰ ਵੱਲੋਂ ਸੂਚਿਤ ਕੀਤਾ ਜਾਂਦਾ ਹੈ ਕਿ ਸਰਕਾਰੀ ਜ਼ਮੀਨ ਦੀ ਨਿਲਾਮੀ ਮਿਤੀ 12-09-2024 ਨੂੰ ਕੀਤੀ ਜਾਵੇਗੀ। ਇੱਛੁਕ ਪਾਰਟੀਆਂ ਦਫਤਰ ਨਾਲ ਸੰਪਰਕ ਕਰ ਸਕਦੀਆਂ ਹਨ।

● ਨਿਲਾਮੀ ਦੀਆਂ ਸ਼ਰਤਾਂ ਦਫਤਰ ਤੋਂ ਪ੍ਰਾਪਤ ਕੀਤੀਆਂ ਜਾ ਸਕਦੀਆਂ ਹਨ। ਬਿਆਨਾ ਰਕਮ ਜਮ੍ਹਾਂ ਕਰਵਾਉਣੀ ਲਾਜ਼ਮੀ ਹੈ।

● ਸਹੀ/- ਸਕੱਤਰ, ਨਗਰ ਕੌਂਸਲ

Public Notice

I, Ramesh Kumar S/o Sohan Lal R/o H.No. 214, Street No 5, Guru Nanak Nagar, Ludhiana, hereby inform that my original property documents pertaining to House No. 214 have been lost/misplaced. If anyone finds the same, please contact the undersigned. Any person dealing with the said property without verification shall be responsible himself. Mob: 98888-12345

Public Notice

The general public is hereby informed that Smt. Kamla Devi W/o Late Sh. Ram Lal R/o Village Dhandari Kalan, Tehsil & Distt. Ludhiana was the owner of property measuring 5 Marla. She has expired on 12-06-2024 and all legal heirs have agreed to transfer the property. Any objection may be filed within 15 days with the undersigned Advocate, Ludhiana.

ਪਹਿਰੇਦਾਰ ਨੋਟਿਸ

ਮਿਤੀ 07/08/2024 ਤੋਂ 16/09/2024 ਤੱਕ ਪਹਿਰੇਦਾਰ

Public Notice

It is informed to the general public that the property bearing House No. 1158, Block B, Model Town Extension, Ludhiana stands in the name of Sh. Surinder Kumar. The original registry/sale deed has been lost. Anyone finding it may contact the undersigned within 15 days, failing which a duplicate will be issued.

Public Notice

Notice is hereby given that my client Sh. Joginder Singh S/o Sh. Balwant Singh R/o Village Gill, Ludhiana intends to purchase the property from Sh. Ram Lal. Any person having any claim, charge, mortgage, lien, lease or any interest in the said property is required to inform the undersigned within 10 days, otherwise the deal shall be completed and no objection shall be entertained thereafter.

Public Notice

I, Raman Kumar Son of Balvir Singh R/o Vill. Harar, Tehsil and Distt. Hoshiarpur, declare that it is hereby known to General Public that the sale deed dated 30-10-2024 registered in the office of Sub Registrar Hoshiarpur vide document No. 4452 is in my name and the same has been lost. Anyone having any information about the said document may contact the undersigned within 15 days from the date of publication of this notice.

ਇਸ਼ਤਿਹਾਰ ਸਬੰਧੀ ਜ਼ਰੂਰੀ ਬੇਨਤੀ

'ਅਖ਼ਬਾਰ ਹਿਤ ਵਿੱਚ ਦਾ 'ਪਹਿਰੇਦਾਰ' ਅਖ਼ਬਾਰ ਵਿੱਚ ਛਪੇ ਇਸ਼ਤਿਹਾਰ ਸਬੰਧੀ ਕਲਾਸੀਫਾਈਡ ਦੇ ਲਈ ਸਾਡੀ ਈ-ਮੇਲ ਅਤੇ ਦਫ਼ਤਰ ਨਾਲ ਸੰਪਰਕ ਕਰੋ ਜੀ। ਅਦਾਰਾ ਕਿਸੇ ਵੀ ਤਰ੍ਹਾਂ ਦਾ ਦਾਅਵਾ ਨਹੀਂ ਲੈਂਦਾ।

ਇਸ਼ਤਿਹਾਰ ਅਤੇ ਕਲਾਸੀਫਾਈਡ ਕੇਵਲ ਅਦਾਰਾ 'ਪਹਿਰੇਦਾਰ' ਦੀ ਈ-ਮੇਲ rozanapehredaradvt@gmail.com 'ਤੇ ਹੀ ਭੇਜੇ ਜਾਣ।
